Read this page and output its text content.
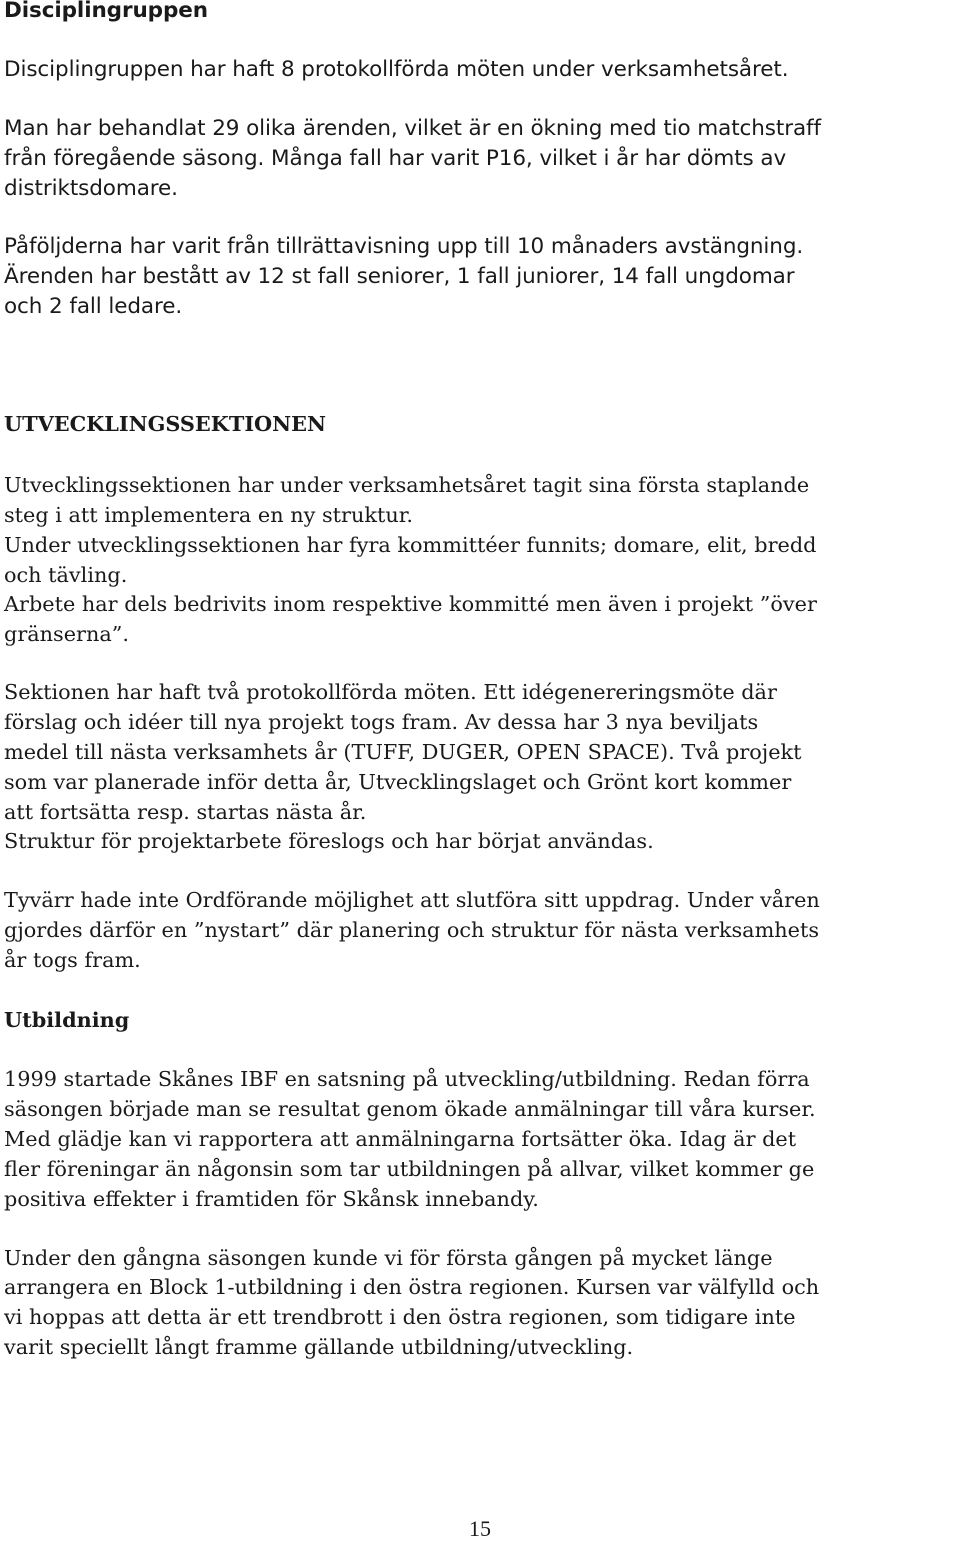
Disciplingruppen
Disciplingruppen har haft 8 protokollförda möten under verksamhetsåret.
Man har behandlat 29 olika ärenden, vilket är en ökning med tio matchstraff
från föregående säsong. Många fall har varit P16, vilket i år har dömts av
distriktsdomare.
Påföljderna har varit från tillrättavisning upp till 10 månaders avstängning.
Ärenden har bestått av 12 st fall seniorer, 1 fall juniorer, 14 fall ungdomar
och 2 fall ledare.
UTVECKLINGSSEKTIONEN
Utvecklingssektionen har under verksamhetsåret tagit sina första staplande
steg i att implementera en ny struktur.
Under utvecklingssektionen har fyra kommittéer funnits; domare, elit, bredd
och tävling.
Arbete har dels bedrivits inom respektive kommitté men även i projekt ”över
gränserna”.
Sektionen har haft två protokollförda möten. Ett idégenereringsmöte där
förslag och idéer till nya projekt togs fram. Av dessa har 3 nya beviljats
medel till nästa verksamhets år (TUFF, DUGER, OPEN SPACE). Två projekt
som var planerade inför detta år, Utvecklingslaget och Grönt kort kommer
att fortsätta resp. startas nästa år.
Struktur för projektarbete föreslogs och har börjat användas.
Tyvärr hade inte Ordförande möjlighet att slutföra sitt uppdrag. Under våren
gjordes därför en ”nystart” där planering och struktur för nästa verksamhets
år togs fram.
Utbildning
1999 startade Skånes IBF en satsning på utveckling/utbildning. Redan förra
säsongen började man se resultat genom ökade anmälningar till våra kurser.
Med glädje kan vi rapportera att anmälningarna fortsätter öka. Idag är det
fler föreningar än någonsin som tar utbildningen på allvar, vilket kommer ge
positiva effekter i framtiden för Skånsk innebandy.
Under den gångna säsongen kunde vi för första gången på mycket länge
arrangera en Block 1-utbildning i den östra regionen. Kursen var välfylld och
vi hoppas att detta är ett trendbrott i den östra regionen, som tidigare inte
varit speciellt långt framme gällande utbildning/utveckling.
15
